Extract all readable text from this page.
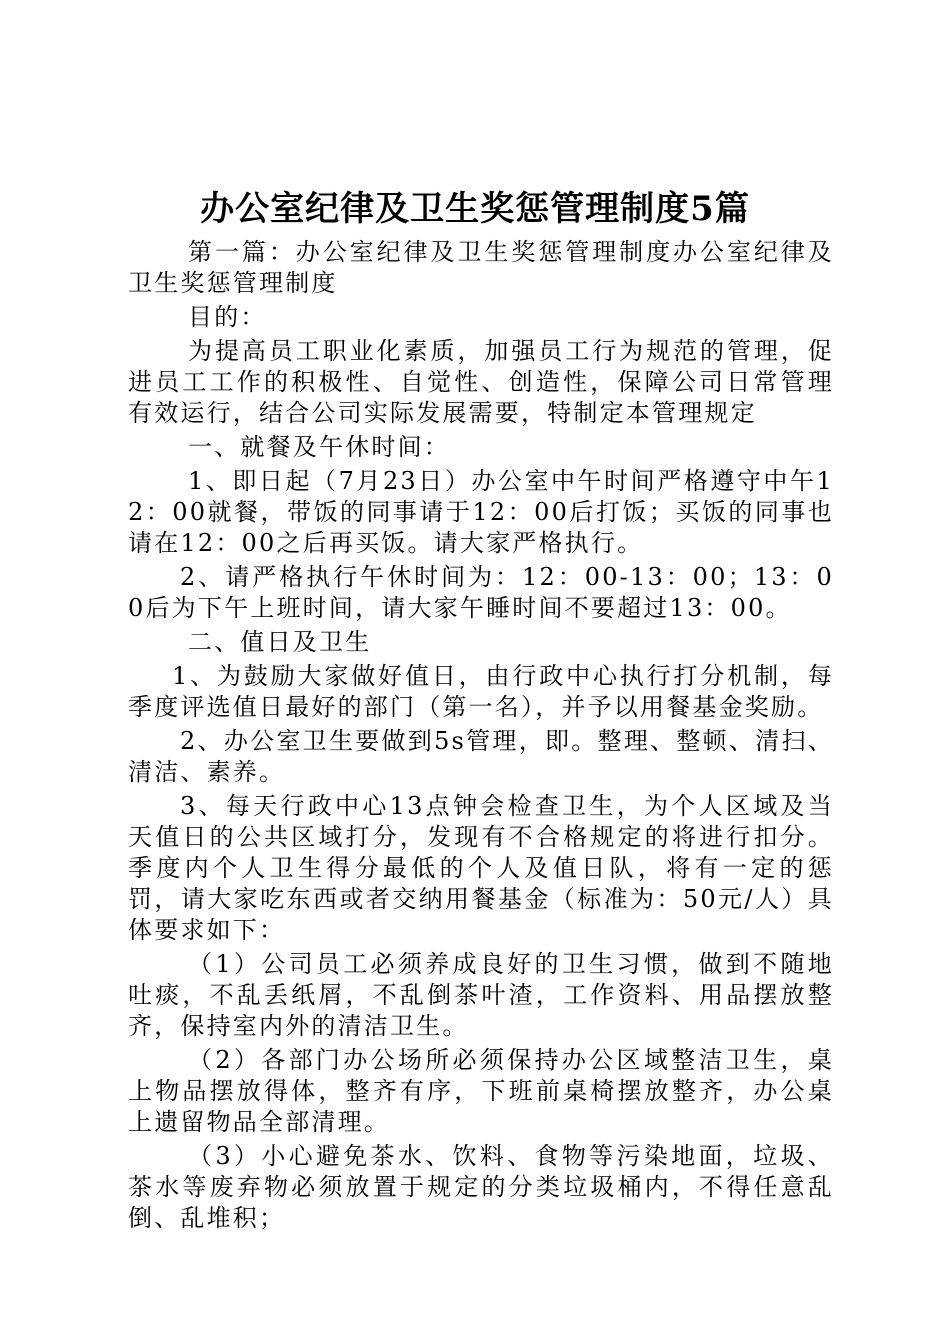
办公室纪律及卫生奖惩管理制度5篇

第一篇：办公室纪律及卫生奖惩管理制度办公室纪律及卫生奖惩管理制度

目的：

为提高员工职业化素质，加强员工行为规范的管理，促进员工工作的积极性、自觉性、创造性，保障公司日常管理有效运行，结合公司实际发展需要，特制定本管理规定

一、就餐及午休时间：

1、即日起（7月23日）办公室中午时间严格遵守中午12：00就餐，带饭的同事请于12：00后打饭；买饭的同事也请在12：00之后再买饭。请大家严格执行。

2、请严格执行午休时间为：12：00-13：00；13：00后为下午上班时间，请大家午睡时间不要超过13：00。

二、值日及卫生

1、为鼓励大家做好值日，由行政中心执行打分机制，每季度评选值日最好的部门（第一名），并予以用餐基金奖励。

2、办公室卫生要做到5s管理，即。整理、整顿、清扫、清洁、素养。

3、每天行政中心13点钟会检查卫生，为个人区域及当天值日的公共区域打分，发现有不合格规定的将进行扣分。季度内个人卫生得分最低的个人及值日队，将有一定的惩罚，请大家吃东西或者交纳用餐基金（标准为：50元/人）具体要求如下：

（1）公司员工必须养成良好的卫生习惯，做到不随地吐痰，不乱丢纸屑，不乱倒茶叶渣，工作资料、用品摆放整齐，保持室内外的清洁卫生。

（2）各部门办公场所必须保持办公区域整洁卫生，桌上物品摆放得体，整齐有序，下班前桌椅摆放整齐，办公桌上遗留物品全部清理。

（3）小心避免茶水、饮料、食物等污染地面，垃圾、茶水等废弃物必须放置于规定的分类垃圾桶内，不得任意乱倒、乱堆积；
